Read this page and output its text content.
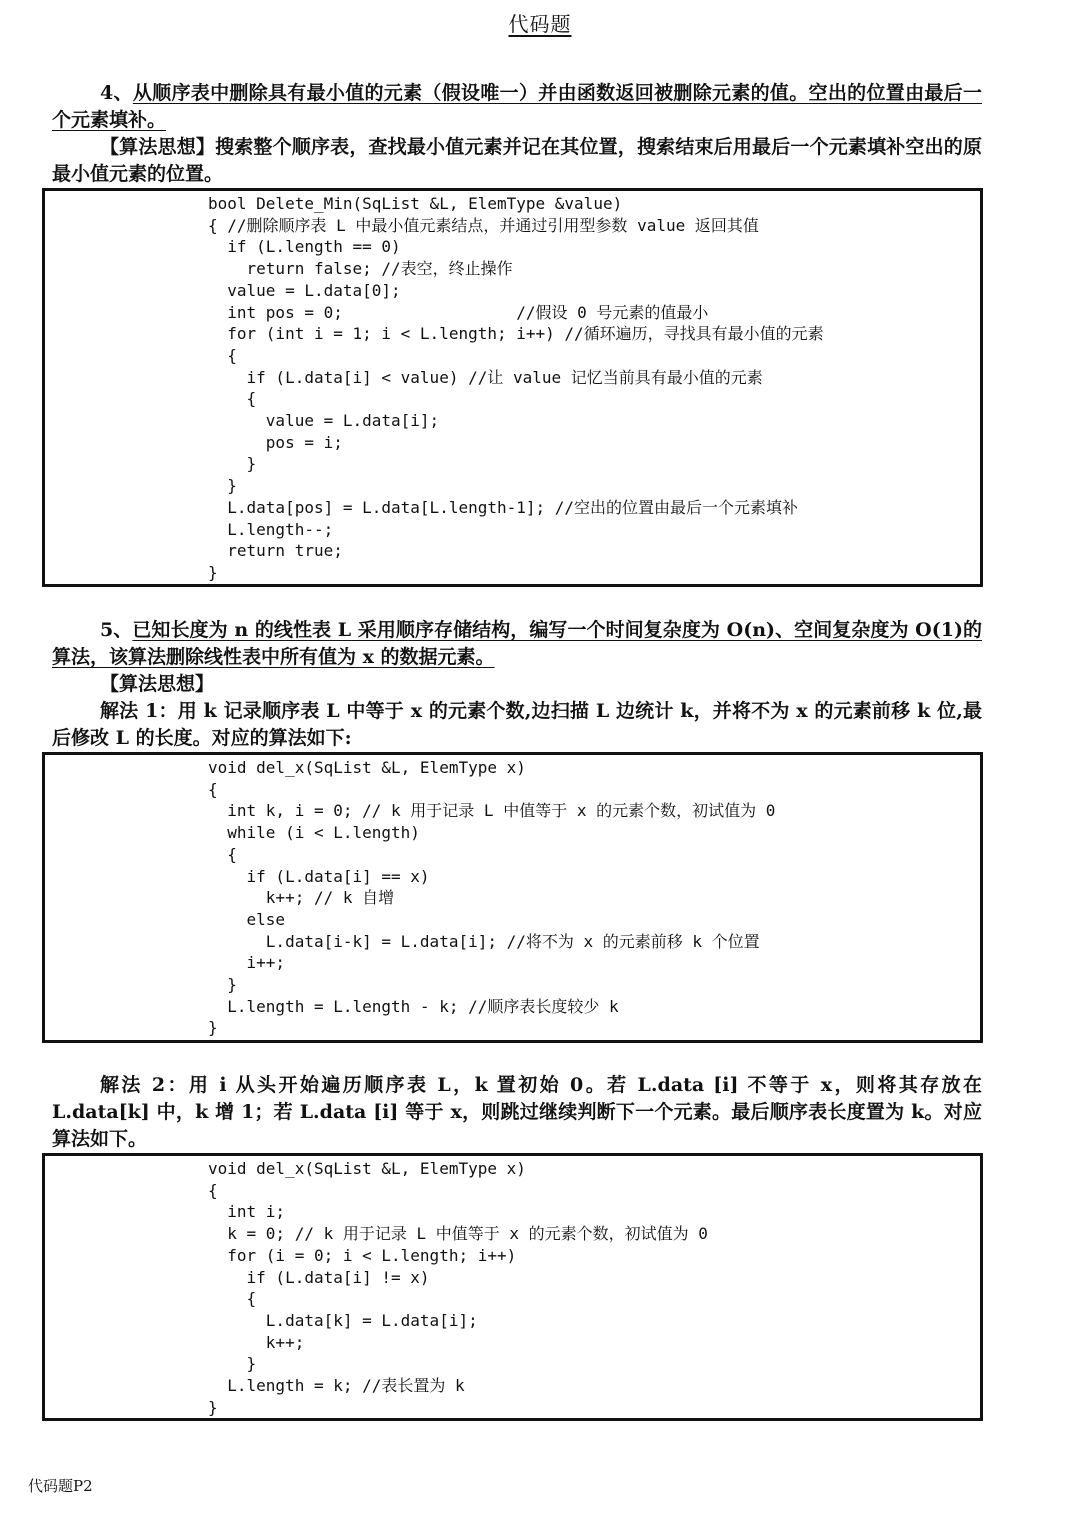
代码题
4、从顺序表中删除具有最小值的元素（假设唯一）并由函数返回被删除元素的值。空出的位置由最后一个元素填补。
【算法思想】搜索整个顺序表，查找最小值元素并记在其位置，搜索结束后用最后一个元素填补空出的原最小值元素的位置。
bool Delete_Min(SqList &L, ElemType &value)
{ //删除顺序表 L 中最小值元素结点，并通过引用型参数 value 返回其值
if (L.length == 0)
return false; //表空，终止操作
value = L.data[0];
int pos = 0;                  //假设 0 号元素的值最小
for (int i = 1; i < L.length; i++) //循环遍历，寻找具有最小值的元素
{
if (L.data[i] < value) //让 value 记忆当前具有最小值的元素
{
value = L.data[i];
pos = i;
}
}
L.data[pos] = L.data[L.length-1]; //空出的位置由最后一个元素填补
L.length--;
return true;
}
5、已知长度为 n 的线性表 L 采用顺序存储结构，编写一个时间复杂度为 O(n)、空间复杂度为 O(1)的算法，该算法删除线性表中所有值为 x 的数据元素。
【算法思想】
解法 1：用 k 记录顺序表 L 中等于 x 的元素个数,边扫描 L 边统计 k，并将不为 x 的元素前移 k 位,最后修改 L 的长度。对应的算法如下:
void del_x(SqList &L, ElemType x)
{
int k, i = 0; // k 用于记录 L 中值等于 x 的元素个数，初试值为 0
while (i < L.length)
{
if (L.data[i] == x)
k++; // k 自增
else
L.data[i-k] = L.data[i]; //将不为 x 的元素前移 k 个位置
i++;
}
L.length = L.length - k; //顺序表长度较少 k
}
解法 2：用 i 从头开始遍历顺序表 L，k 置初始 0。若 L.data [i] 不等于 x，则将其存放在 L.data[k] 中，k 增 1；若 L.data [i] 等于 x，则跳过继续判断下一个元素。最后顺序表长度置为 k。对应算法如下。
void del_x(SqList &L, ElemType x)
{
int i;
k = 0; // k 用于记录 L 中值等于 x 的元素个数，初试值为 0
for (i = 0; i < L.length; i++)
if (L.data[i] != x)
{
L.data[k] = L.data[i];
k++;
}
L.length = k; //表长置为 k
}
代码题P2
